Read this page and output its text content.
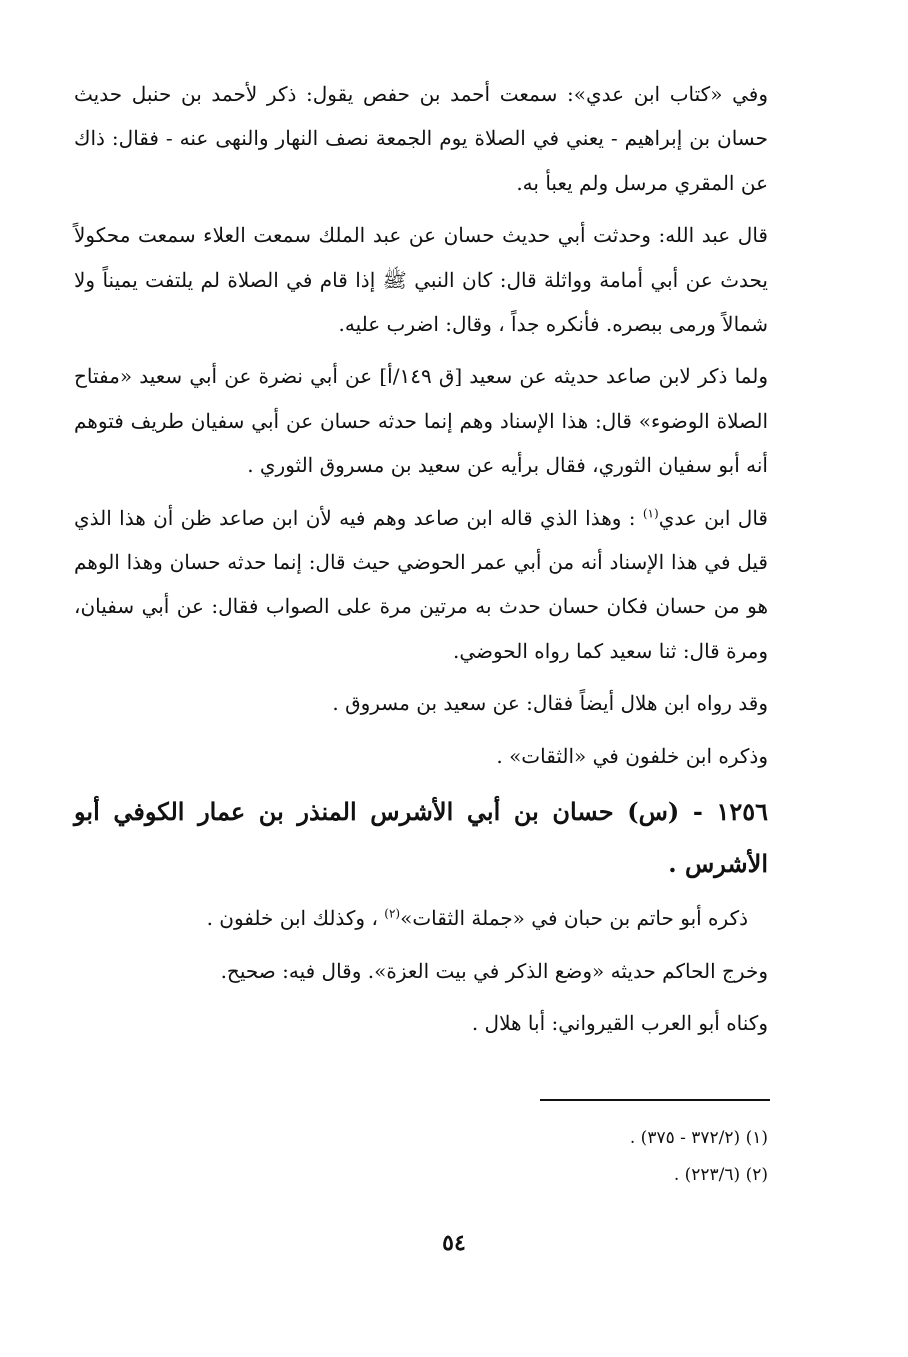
وفي «كتاب ابن عدي»: سمعت أحمد بن حفص يقول: ذكر لأحمد بن حنبل حديث حسان بن إبراهيم - يعني في الصلاة يوم الجمعة نصف النهار والنهى عنه - فقال: ذاك عن المقري مرسل ولم يعبأ به.

قال عبد الله: وحدثت أبي حديث حسان عن عبد الملك سمعت العلاء سمعت محكولاً يحدث عن أبي أمامة وواثلة قال: كان النبي ﷺ إذا قام في الصلاة لم يلتفت يميناً ولا شمالاً ورمى ببصره. فأنكره جداً ، وقال: اضرب عليه.

ولما ذكر لابن صاعد حديثه عن سعيد [ق ١٤٩/أ] عن أبي نضرة عن أبي سعيد «مفتاح الصلاة الوضوء» قال: هذا الإسناد وهم إنما حدثه حسان عن أبي سفيان طريف فتوهم أنه أبو سفيان الثوري، فقال برأيه عن سعيد بن مسروق الثوري .

قال ابن عدي$^{(١)}$ : وهذا الذي قاله ابن صاعد وهم فيه لأن ابن صاعد ظن أن هذا الذي قيل في هذا الإسناد أنه من أبي عمر الحوضي حيث قال: إنما حدثه حسان وهذا الوهم هو من حسان فكان حسان حدث به مرتين مرة على الصواب فقال: عن أبي سفيان، ومرة قال: ثنا سعيد كما رواه الحوضي.

وقد رواه ابن هلال أيضاً فقال: عن سعيد بن مسروق .

وذكره ابن خلفون في «الثقات» .

١٢٥٦ - (س) حسان بن أبي الأشرس المنذر بن عمار الكوفي أبو الأشرس .

ذكره أبو حاتم بن حبان في «جملة الثقات»$^{(٢)}$ ، وكذلك ابن خلفون .

وخرج الحاكم حديثه «وضع الذكر في بيت العزة». وقال فيه: صحيح.

وكناه أبو العرب القيرواني: أبا هلال .

(١) (٣٧٢/٢ - ٣٧٥) .

(٢) (٢٢٣/٦) .

٥٤
